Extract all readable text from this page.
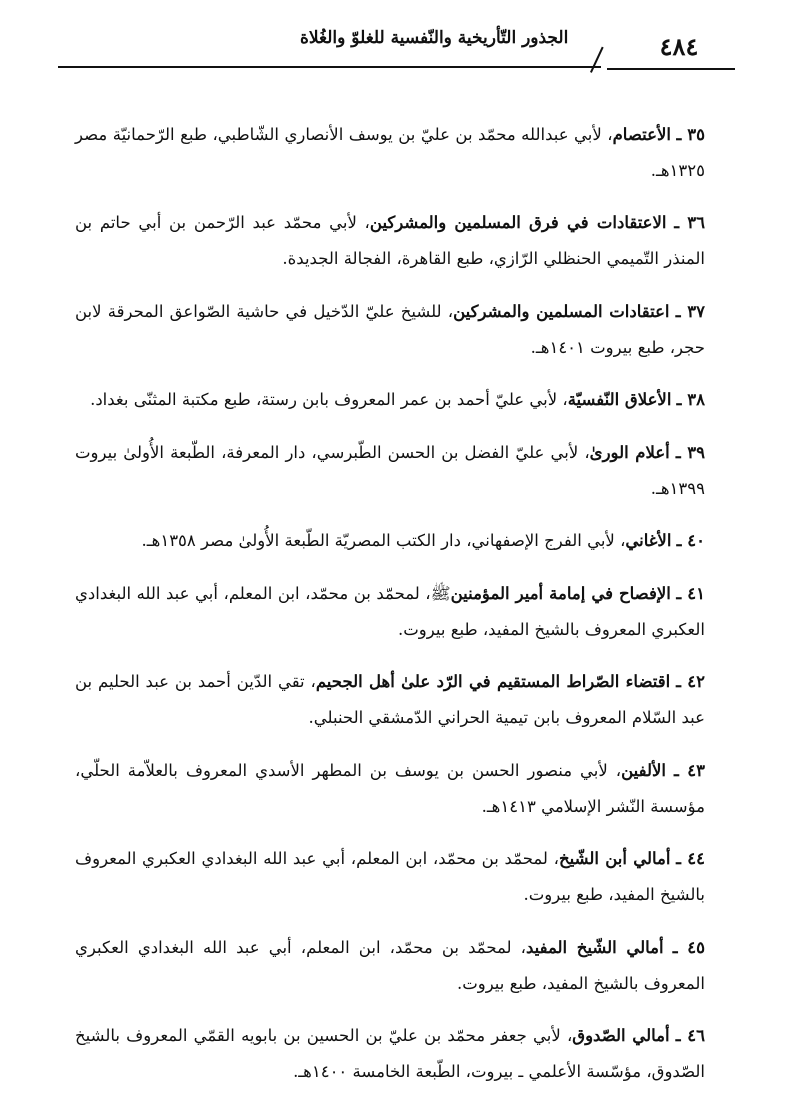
الجذور التّأريخية والنّفسية للغلوّ والغُلاة	٤٨٤

٣٥ ـ الأعتصام، لأبي عبدالله محمّد بن عليّ بن يوسف الأنصاري الشّاطبي، طبع الرّحمانيّة مصر ١٣٢٥هـ.

٣٦ ـ الاعتقادات في فرق المسلمين والمشركين، لأبي محمّد عبد الرّحمن بن أبي حاتم بن المنذر التّميمي الحنظلي الرّازي، طبع القاهرة، الفجالة الجديدة.

٣٧ ـ اعتقادات المسلمين والمشركين، للشيخ عليّ الدّخيل في حاشية الصّواعق المحرقة لابن حجر، طبع بيروت ١٤٠١هـ.

٣٨ ـ الأعلاق النّفسيّة، لأبي عليّ أحمد بن عمر المعروف بابن رستة، طبع مكتبة المثنّى بغداد.

٣٩ ـ أعلام الورىٰ، لأبي عليّ الفضل بن الحسن الطّبرسي، دار المعرفة، الطّبعة الأُولىٰ بيروت ١٣٩٩هـ.

٤٠ ـ الأغاني، لأبي الفرج الإصفهاني، دار الكتب المصريّة الطّبعة الأُولىٰ مصر ١٣٥٨هـ.

٤١ ـ الإفصاح في إمامة أمير المؤمنينﷺ، لمحمّد بن محمّد، ابن المعلم، أبي عبد الله البغدادي العكبري المعروف بالشيخ المفيد، طبع بيروت.

٤٢ ـ اقتضاء الصّراط المستقيم في الرّد علىٰ أهل الجحيم، تقي الدّين أحمد بن عبد الحليم بن عبد السّلام المعروف بابن تيمية الحراني الدّمشقي الحنبلي.

٤٣ ـ الألفين، لأبي منصور الحسن بن يوسف بن المطهر الأسدي المعروف بالعلاّمة الحلّي، مؤسسة النّشر الإسلامي ١٤١٣هـ.

٤٤ ـ أمالي أبن الشّيخ، لمحمّد بن محمّد، ابن المعلم، أبي عبد الله البغدادي العكبري المعروف بالشيخ المفيد، طبع بيروت.

٤٥ ـ أمالي الشّيخ المفيد، لمحمّد بن محمّد، ابن المعلم، أبي عبد الله البغدادي العكبري المعروف بالشيخ المفيد، طبع بيروت.

٤٦ ـ أمالي الصّدوق، لأبي جعفر محمّد بن عليّ بن الحسين بن بابويه القمّي المعروف بالشيخ الصّدوق، مؤسّسة الأعلمي ـ بيروت، الطّبعة الخامسة ١٤٠٠هـ.
